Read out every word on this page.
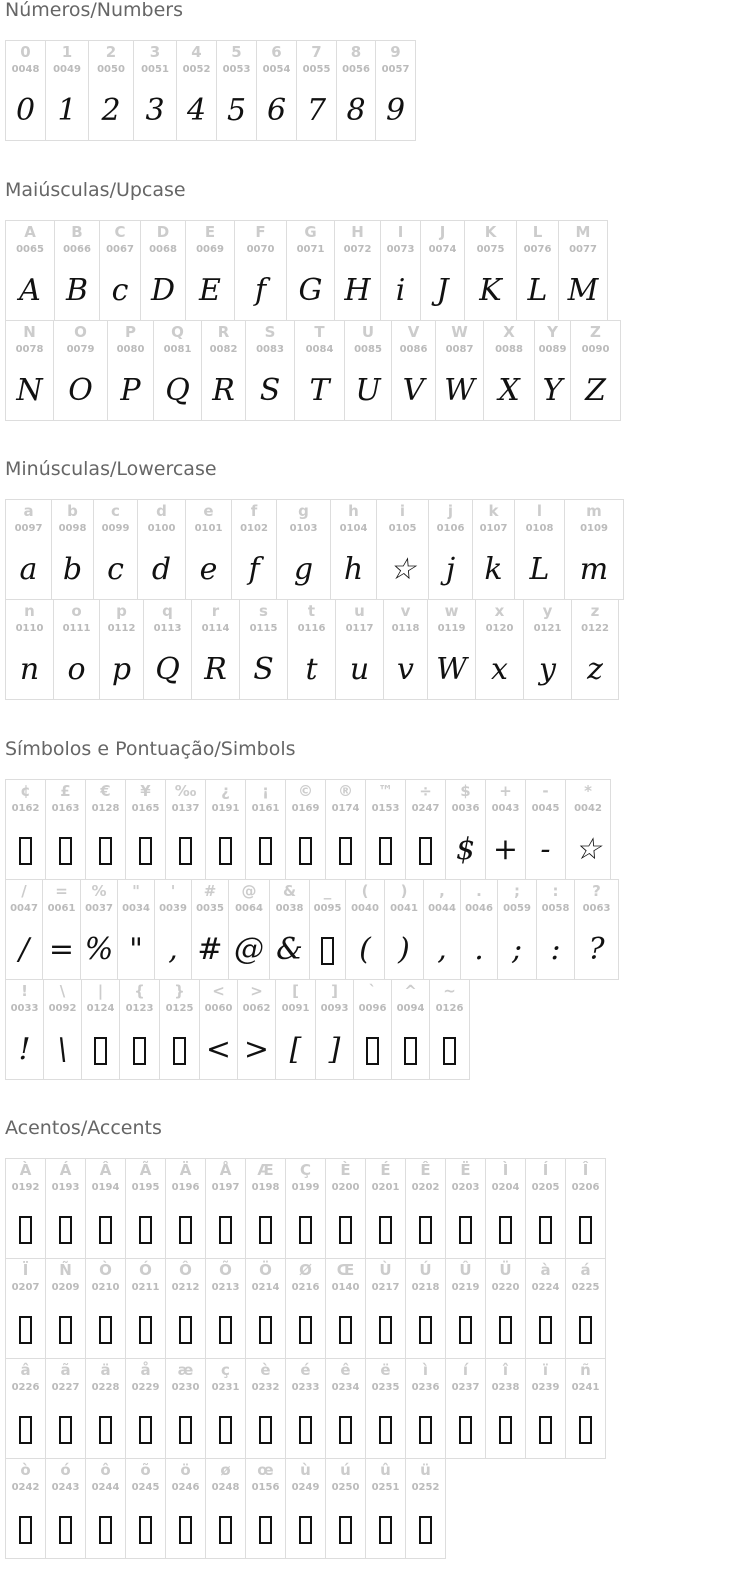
Números/Numbers
0
0048
0
1
0049
1
2
0050
2
3
0051
3
4
0052
4
5
0053
5
6
0054
6
7
0055
7
8
0056
8
9
0057
9
Maiúsculas/Upcase
A
0065
A
B
0066
B
C
0067
c
D
0068
D
E
0069
E
F
0070
f
G
0071
G
H
0072
H
I
0073
i
J
0074
J
K
0075
K
L
0076
L
M
0077
M
N
0078
N
O
0079
O
P
0080
P
Q
0081
Q
R
0082
R
S
0083
S
T
0084
T
U
0085
U
V
0086
V
W
0087
W
X
0088
X
Y
0089
Y
Z
0090
Z
Minúsculas/Lowercase
a
0097
a
b
0098
b
c
0099
c
d
0100
d
e
0101
e
f
0102
f
g
0103
g
h
0104
h
i
0105
☆
j
0106
j
k
0107
k
l
0108
L
m
0109
m
n
0110
n
o
0111
o
p
0112
p
q
0113
Q
r
0114
R
s
0115
S
t
0116
t
u
0117
u
v
0118
v
w
0119
W
x
0120
x
y
0121
y
z
0122
z
Símbolos e Pontuação/Simbols
¢
0162
£
0163
€
0128
¥
0165
‰
0137
¿
0191
¡
0161
©
0169
®
0174
™
0153
÷
0247
$
0036
$
+
0043
+
-
0045
-
*
0042
☆
/
0047
/
=
0061
=
%
0037
%
"
0034
"
'
0039
,
#
0035
#
@
0064
@
&
0038
&
_
0095
(
0040
(
)
0041
)
,
0044
,
.
0046
.
;
0059
;
:
0058
:
?
0063
?
!
0033
!
\
0092
\
|
0124
{
0123
}
0125
<
0060
<
>
0062
>
[
0091
[
]
0093
]
`
0096
^
0094
~
0126
Acentos/Accents
À
0192
Á
0193
Â
0194
Ã
0195
Ä
0196
Å
0197
Æ
0198
Ç
0199
È
0200
É
0201
Ê
0202
Ë
0203
Ì
0204
Í
0205
Î
0206
Ï
0207
Ñ
0209
Ò
0210
Ó
0211
Ô
0212
Õ
0213
Ö
0214
Ø
0216
Œ
0140
Ù
0217
Ú
0218
Û
0219
Ü
0220
à
0224
á
0225
â
0226
ã
0227
ä
0228
å
0229
æ
0230
ç
0231
è
0232
é
0233
ê
0234
ë
0235
ì
0236
í
0237
î
0238
ï
0239
ñ
0241
ò
0242
ó
0243
ô
0244
õ
0245
ö
0246
ø
0248
œ
0156
ù
0249
ú
0250
û
0251
ü
0252
